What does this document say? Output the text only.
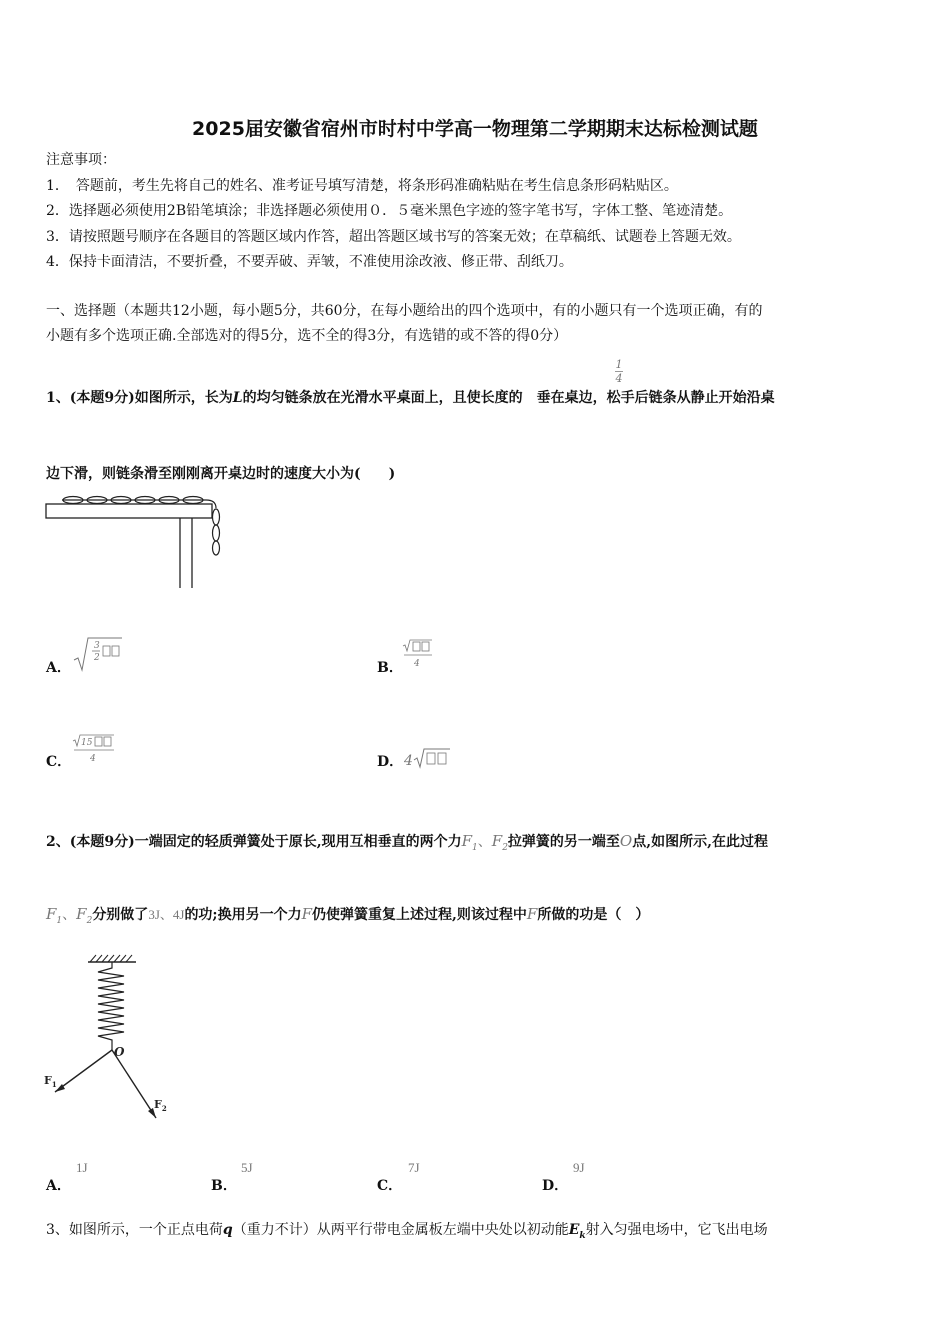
2025届安徽省宿州市时村中学高一物理第二学期期末达标检测试题
注意事项：
1．　答题前，考生先将自己的姓名、准考证号填写清楚，将条形码准确粘贴在考生信息条形码粘贴区。
2．选择题必须使用2B铅笔填涂；非选择题必须使用０．５毫米黑色字迹的签字笔书写，字体工整、笔迹清楚。
3．请按照题号顺序在各题目的答题区域内作答，超出答题区域书写的答案无效；在草稿纸、试题卷上答题无效。
4．保持卡面清洁，不要折叠，不要弄破、弄皱，不准使用涂改液、修正带、刮纸刀。
一、选择题（本题共12小题，每小题5分，共60分，在每小题给出的四个选项中，有的小题只有一个选项正确，有的
小题有多个选项正确.全部选对的得5分，选不全的得3分，有选错的或不答的得0分）
1、(本题9分)如图所示，长为L的均匀链条放在光滑水平桌面上，且使长度的 垂在桌边，松手后链条从静止开始沿桌
1
4
边下滑，则链条滑至刚刚离开桌边时的速度大小为(　　)
A．
3
2
B． 4
C．
15
4	D． 4
2、(本题9分)一端固定的轻质弹簧处于原长,现用互相垂直的两个力$F_1$、$F_2$拉弹簧的另一端至O点,如图所示,在此过程
$F_1$、$F_2$分别做了3J、4J的功;换用另一个力F仍使弹簧重复上述过程,则该过程中F所做的功是（　）
O
$F_1$
$F_2$
A．
1J
B．
5J
C．
7J
D．
9J
3、如图所示，一个正点电荷q（重力不计）从两平行带电金属板左端中央处以初动能$E_k$射入匀强电场中，它飞出电场
